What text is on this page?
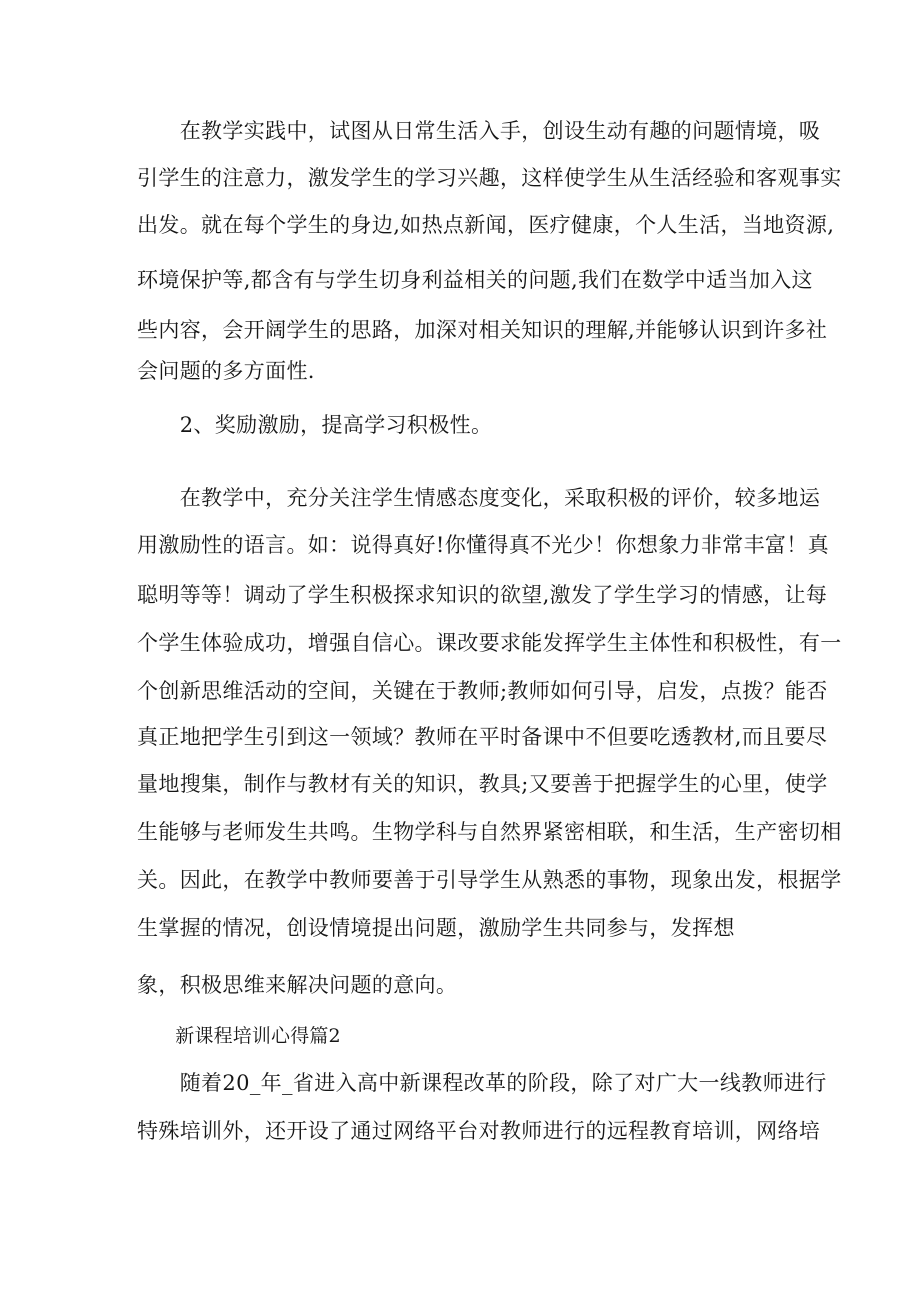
　　在教学实践中，试图从日常生活入手，创设生动有趣的问题情境，吸
引学生的注意力，激发学生的学习兴趣，这样使学生从生活经验和客观事实
出发。就在每个学生的身边,如热点新闻，医疗健康，个人生活，当地资源,
环境保护等,都含有与学生切身利益相关的问题,我们在数学中适当加入这
些内容，会开阔学生的思路，加深对相关知识的理解,并能够认识到许多社
会问题的多方面性.
　　2、奖励激励，提高学习积极性。
　　在教学中，充分关注学生情感态度变化，采取积极的评价，较多地运
用激励性的语言。如：说得真好!你懂得真不光少！你想象力非常丰富！真
聪明等等！调动了学生积极探求知识的欲望,激发了学生学习的情感，让每
个学生体验成功，增强自信心。课改要求能发挥学生主体性和积极性，有一
个创新思维活动的空间，关键在于教师;教师如何引导，启发，点拨？能否
真正地把学生引到这一领域？教师在平时备课中不但要吃透教材,而且要尽
量地搜集，制作与教材有关的知识，教具;又要善于把握学生的心里，使学
生能够与老师发生共鸣。生物学科与自然界紧密相联，和生活，生产密切相
关。因此，在教学中教师要善于引导学生从熟悉的事物，现象出发，根据学
生掌握的情况，创设情境提出问题，激励学生共同参与，发挥想
象，积极思维来解决问题的意向。
　　新课程培训心得篇2
　　随着20_年_省进入高中新课程改革的阶段，除了对广大一线教师进行
特殊培训外，还开设了通过网络平台对教师进行的远程教育培训，网络培
